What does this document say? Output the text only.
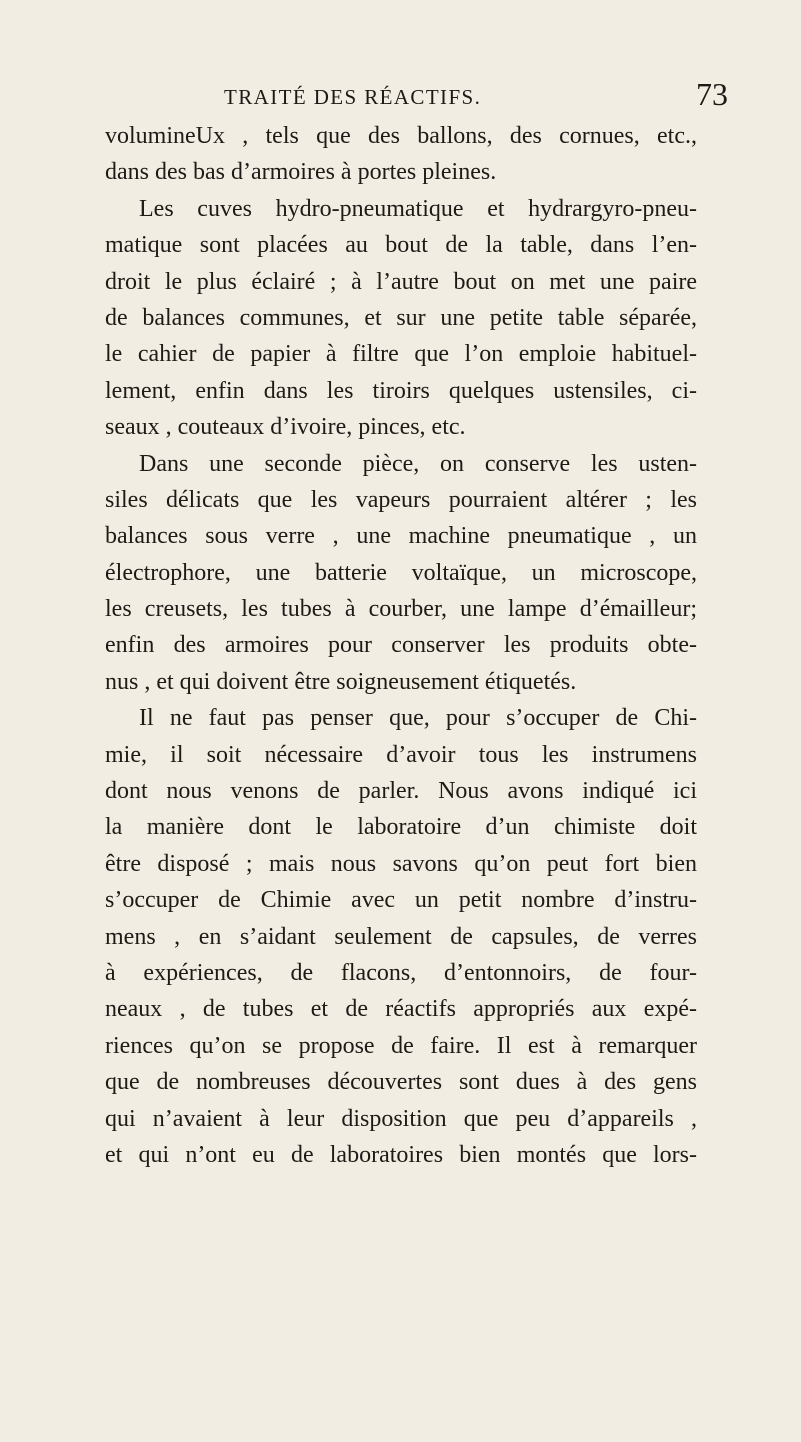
TRAITÉ DES RÉACTIFS.	73
volumineUx , tels que des ballons, des cornues, etc.,
dans des bas d’armoires à portes pleines.
Les cuves hydro-pneumatique et hydrargyro-pneu-
matique sont placées au bout de la table, dans l’en-
droit le plus éclairé ; à l’autre bout on met une paire
de balances communes, et sur une petite table séparée,
le cahier de papier à filtre que l’on emploie habituel-
lement, enfin dans les tiroirs quelques ustensiles, ci-
seaux , couteaux d’ivoire, pinces, etc.
Dans une seconde pièce, on conserve les usten-
siles délicats que les vapeurs pourraient altérer ; les
balances sous verre , une machine pneumatique , un
électrophore, une batterie voltaïque, un microscope,
les creusets, les tubes à courber, une lampe d’émailleur;
enfin des armoires pour conserver les produits obte-
nus , et qui doivent être soigneusement étiquetés.
Il ne faut pas penser que, pour s’occuper de Chi-
mie, il soit nécessaire d’avoir tous les instrumens
dont nous venons de parler. Nous avons indiqué ici
la manière dont le laboratoire d’un chimiste doit
être disposé ; mais nous savons qu’on peut fort bien
s’occuper de Chimie avec un petit nombre d’instru-
mens , en s’aidant seulement de capsules, de verres
à expériences, de flacons, d’entonnoirs, de four-
neaux , de tubes et de réactifs appropriés aux expé-
riences qu’on se propose de faire. Il est à remarquer
que de nombreuses découvertes sont dues à des gens
qui n’avaient à leur disposition que peu d’appareils ,
et qui n’ont eu de laboratoires bien montés que lors-
